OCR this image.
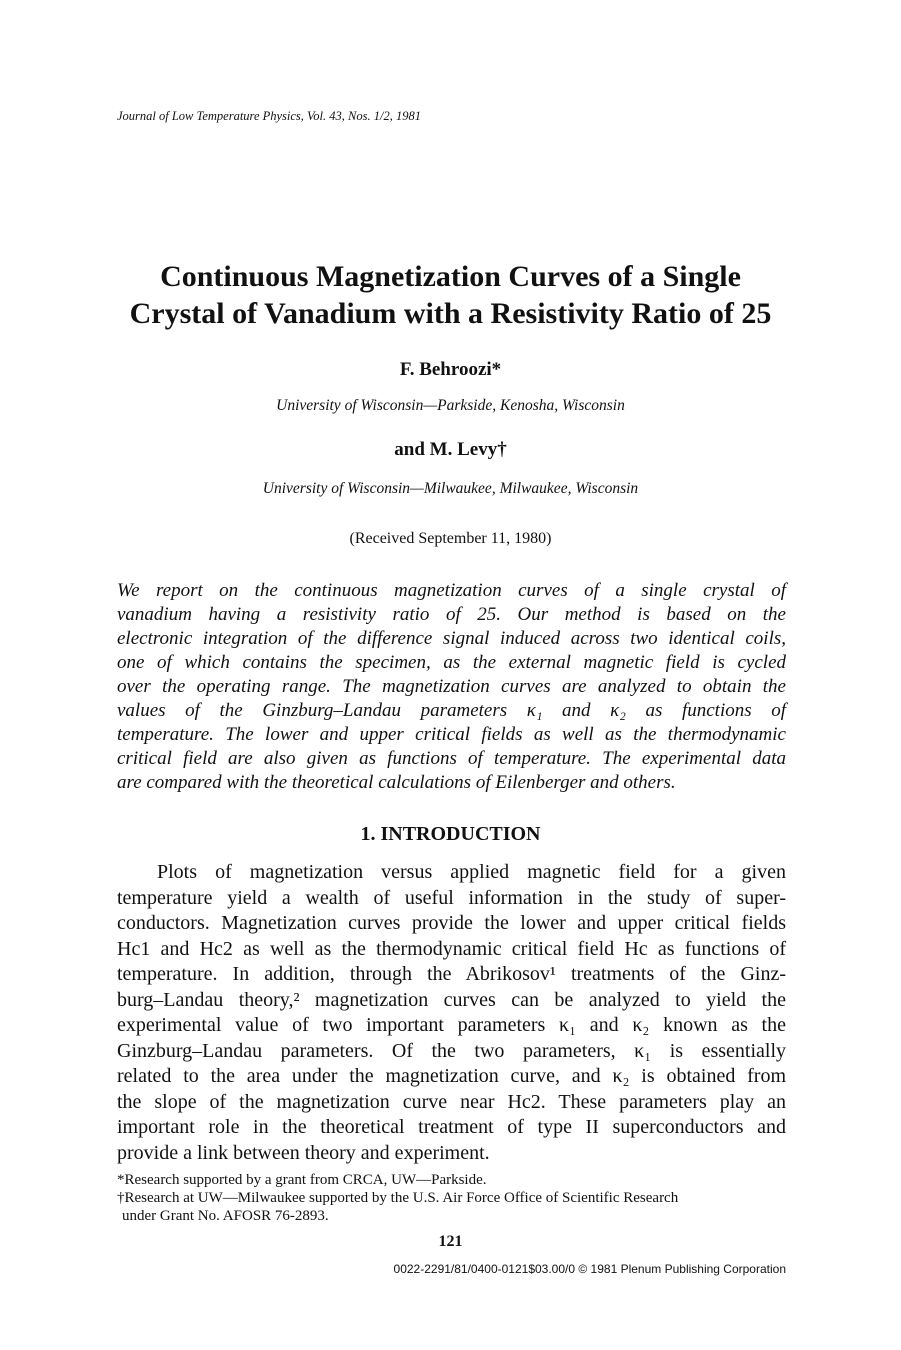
Journal of Low Temperature Physics, Vol. 43, Nos. 1/2, 1981
Continuous Magnetization Curves of a Single
Crystal of Vanadium with a Resistivity Ratio of 25
F. Behroozi*
University of Wisconsin—Parkside, Kenosha, Wisconsin
and M. Levy†
University of Wisconsin—Milwaukee, Milwaukee, Wisconsin
(Received September 11, 1980)
We report on the continuous magnetization curves of a single crystal of
vanadium having a resistivity ratio of 25. Our method is based on the
electronic integration of the difference signal induced across two identical coils,
one of which contains the specimen, as the external magnetic field is cycled
over the operating range. The magnetization curves are analyzed to obtain the
values of the Ginzburg–Landau parameters κ₁ and κ₂ as functions of
temperature. The lower and upper critical fields as well as the thermodynamic
critical field are also given as functions of temperature. The experimental data
are compared with the theoretical calculations of Eilenberger and others.
1. INTRODUCTION
Plots of magnetization versus applied magnetic field for a given
temperature yield a wealth of useful information in the study of super-
conductors. Magnetization curves provide the lower and upper critical fields
Hc1 and Hc2 as well as the thermodynamic critical field Hc as functions of
temperature. In addition, through the Abrikosov¹ treatments of the Ginz-
burg–Landau theory,² magnetization curves can be analyzed to yield the
experimental value of two important parameters κ₁ and κ₂ known as the
Ginzburg–Landau parameters. Of the two parameters, κ₁ is essentially
related to the area under the magnetization curve, and κ₂ is obtained from
the slope of the magnetization curve near Hc2. These parameters play an
important role in the theoretical treatment of type II superconductors and
provide a link between theory and experiment.
*Research supported by a grant from CRCA, UW—Parkside.
†Research at UW—Milwaukee supported by the U.S. Air Force Office of Scientific Research
under Grant No. AFOSR 76-2893.
121
0022-2291/81/0400-0121$03.00/0 © 1981 Plenum Publishing Corporation
